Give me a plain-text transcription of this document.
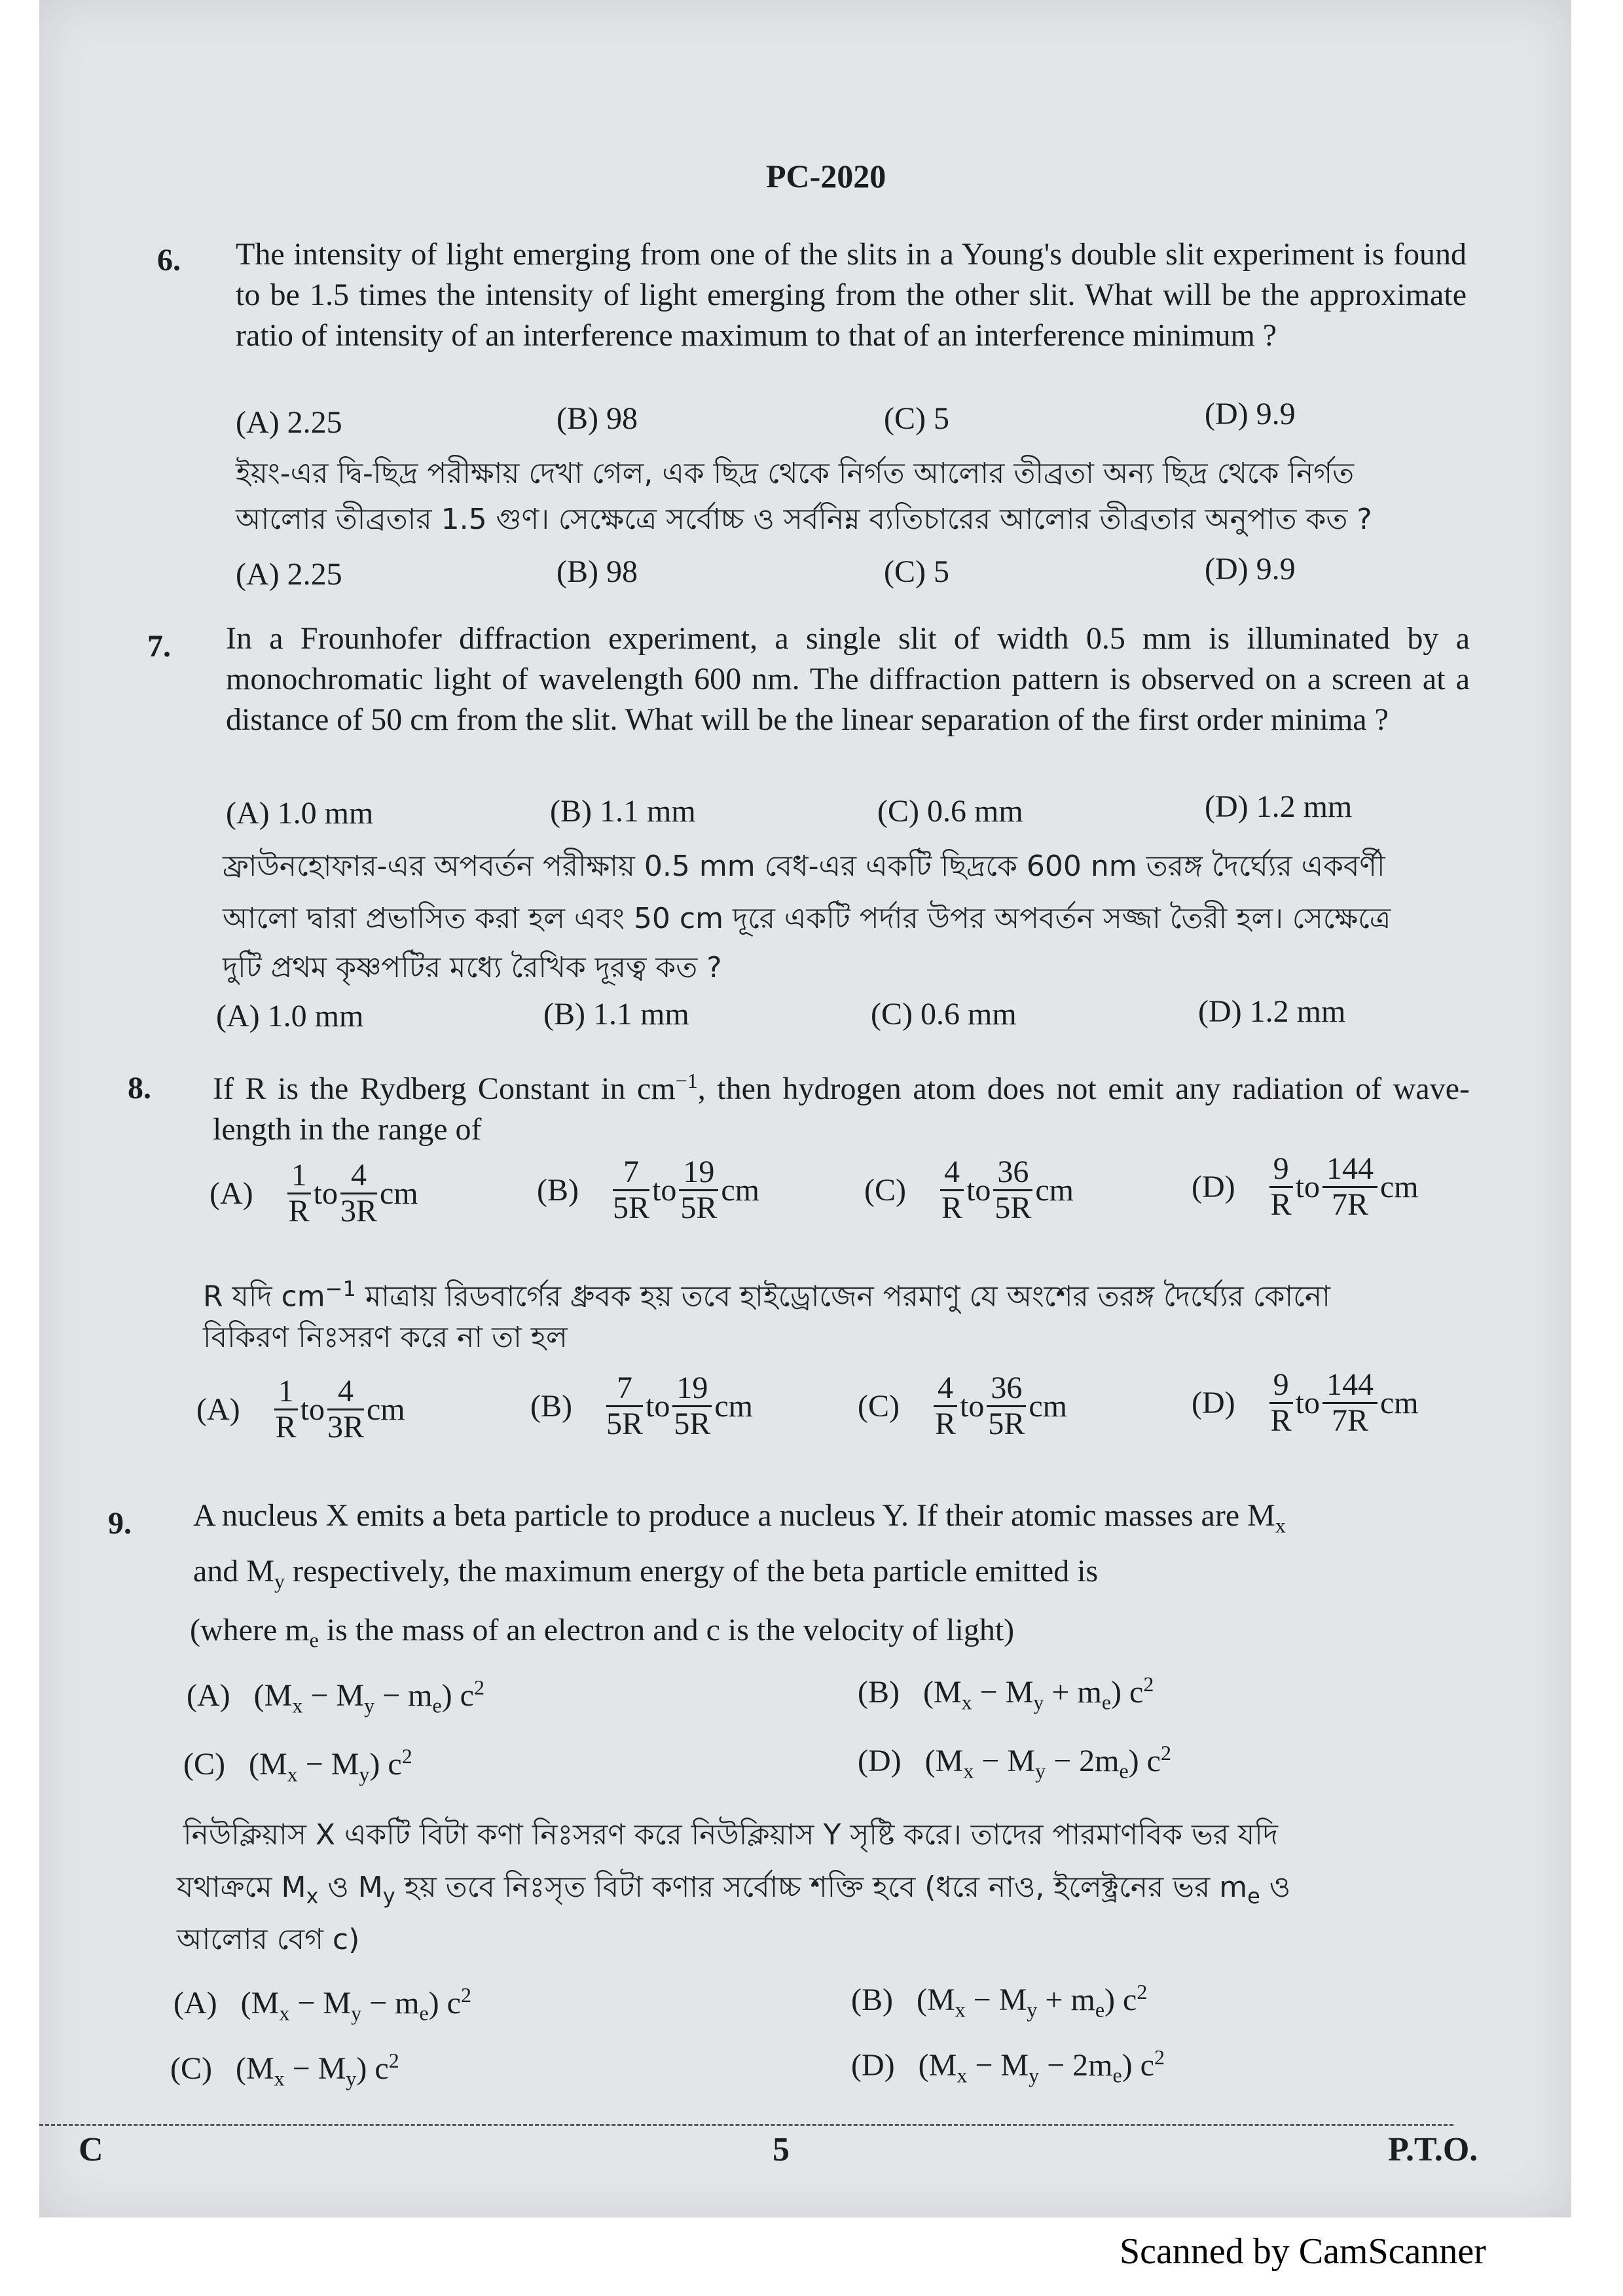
PC-2020
6. The intensity of light emerging from one of the slits in a Young's double slit experiment is found to be 1.5 times the intensity of light emerging from the other slit. What will be the approximate ratio of intensity of an interference maximum to that of an interference minimum ?
(A) 2.25	(B) 98	(C) 5	(D) 9.9
ইয়ং-এর দ্বি-ছিদ্র পরীক্ষায় দেখা গেল, এক ছিদ্র থেকে নির্গত আলোর তীব্রতা অন্য ছিদ্র থেকে নির্গত
আলোর তীব্রতার 1.5 গুণ। সেক্ষেত্রে সর্বোচ্চ ও সর্বনিম্ন ব্যতিচারের আলোর তীব্রতার অনুপাত কত ?
(A) 2.25	(B) 98	(C) 5	(D) 9.9
7. In a Frounhofer diffraction experiment, a single slit of width 0.5 mm is illuminated by a monochromatic light of wavelength 600 nm. The diffraction pattern is observed on a screen at a distance of 50 cm from the slit. What will be the linear separation of the first order minima ?
(A) 1.0 mm	(B) 1.1 mm	(C) 0.6 mm	(D) 1.2 mm
ফ্রাউনহোফার-এর অপবর্তন পরীক্ষায় 0.5 mm বেধ-এর একটি ছিদ্রকে 600 nm তরঙ্গ দৈর্ঘ্যের একবর্ণী
আলো দ্বারা প্রভাসিত করা হল এবং 50 cm দূরে একটি পর্দার উপর অপবর্তন সজ্জা তৈরী হল। সেক্ষেত্রে
দুটি প্রথম কৃষ্ণপটির মধ্যে রৈখিক দূরত্ব কত ?
(A) 1.0 mm	(B) 1.1 mm	(C) 0.6 mm	(D) 1.2 mm
8. If R is the Rydberg Constant in $cm^{-1}$, then hydrogen atom does not emit any radiation of wave-length in the range of
$(A) \frac{1}{R}$ to $\frac{4}{3R}$ cm	$(B) \frac{7}{5R}$ to $\frac{19}{5R}$ cm	$(C) \frac{4}{R}$ to $\frac{36}{5R}$ cm	$(D) \frac{9}{R}$ to $\frac{144}{7R}$ cm
R যদি $cm^{-1}$ মাত্রায় রিডবার্গের ধ্রুবক হয় তবে হাইড্রোজেন পরমাণু যে অংশের তরঙ্গ দৈর্ঘ্যের কোনো
বিকিরণ নিঃসরণ করে না তা হল
$(A) \frac{1}{R}$ to $\frac{4}{3R}$ cm	$(B) \frac{7}{5R}$ to $\frac{19}{5R}$ cm	$(C) \frac{4}{R}$ to $\frac{36}{5R}$ cm	$(D) \frac{9}{R}$ to $\frac{144}{7R}$ cm
9. A nucleus X emits a beta particle to produce a nucleus Y. If their atomic masses are $M_x$
and $M_y$ respectively, the maximum energy of the beta particle emitted is
(where $m_e$ is the mass of an electron and c is the velocity of light)
(A)   $(M_x - M_y - m_e)$ $c^2$	(B)   $(M_x - M_y + m_e)$ $c^2$
(C)   $(M_x - M_y)$ $c^2$	(D)   $(M_x - M_y - 2m_e)$ $c^2$
নিউক্লিয়াস X একটি বিটা কণা নিঃসরণ করে নিউক্লিয়াস Y সৃষ্টি করে। তাদের পারমাণবিক ভর যদি
যথাক্রমে $M_x$ ও $M_y$ হয় তবে নিঃসৃত বিটা কণার সর্বোচ্চ শক্তি হবে (ধরে নাও, ইলেক্ট্রনের ভর $m_e$ ও
আলোর বেগ c)
(A)   $(M_x - M_y - m_e)$ $c^2$	(B)   $(M_x - M_y + m_e)$ $c^2$
(C)   $(M_x - M_y)$ $c^2$	(D)   $(M_x - M_y - 2m_e)$ $c^2$
C	5	P.T.O.
Scanned by CamScanner
